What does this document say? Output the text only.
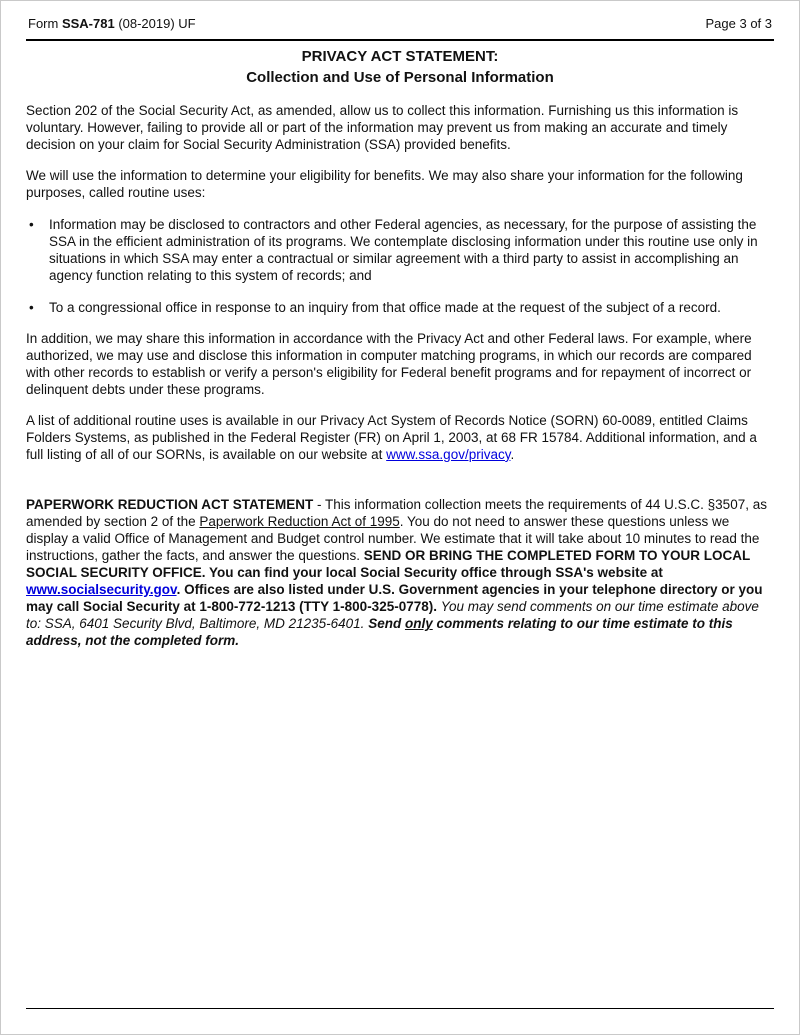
Form SSA-781 (08-2019) UF	Page 3 of 3
PRIVACY ACT STATEMENT:
Collection and Use of Personal Information

Section 202 of the Social Security Act, as amended, allow us to collect this information. Furnishing us this information is voluntary. However, failing to provide all or part of the information may prevent us from making an accurate and timely decision on your claim for Social Security Administration (SSA) provided benefits.

We will use the information to determine your eligibility for benefits. We may also share your information for the following purposes, called routine uses:

•	Information may be disclosed to contractors and other Federal agencies, as necessary, for the purpose of assisting the SSA in the efficient administration of its programs. We contemplate disclosing information under this routine use only in situations in which SSA may enter a contractual or similar agreement with a third party to assist in accomplishing an agency function relating to this system of records; and
•	To a congressional office in response to an inquiry from that office made at the request of the subject of a record.

In addition, we may share this information in accordance with the Privacy Act and other Federal laws. For example, where authorized, we may use and disclose this information in computer matching programs, in which our records are compared with other records to establish or verify a person's eligibility for Federal benefit programs and for repayment of incorrect or delinquent debts under these programs.

A list of additional routine uses is available in our Privacy Act System of Records Notice (SORN) 60-0089, entitled Claims Folders Systems, as published in the Federal Register (FR) on April 1, 2003, at 68 FR 15784. Additional information, and a full listing of all of our SORNs, is available on our website at www.ssa.gov/privacy.

PAPERWORK REDUCTION ACT STATEMENT - This information collection meets the requirements of 44 U.S.C. §3507, as amended by section 2 of the Paperwork Reduction Act of 1995. You do not need to answer these questions unless we display a valid Office of Management and Budget control number. We estimate that it will take about 10 minutes to read the instructions, gather the facts, and answer the questions. SEND OR BRING THE COMPLETED FORM TO YOUR LOCAL SOCIAL SECURITY OFFICE. You can find your local Social Security office through SSA's website at www.socialsecurity.gov. Offices are also listed under U.S. Government agencies in your telephone directory or you may call Social Security at 1-800-772-1213 (TTY 1-800-325-0778). You may send comments on our time estimate above to: SSA, 6401 Security Blvd, Baltimore, MD 21235-6401. Send only comments relating to our time estimate to this address, not the completed form.
